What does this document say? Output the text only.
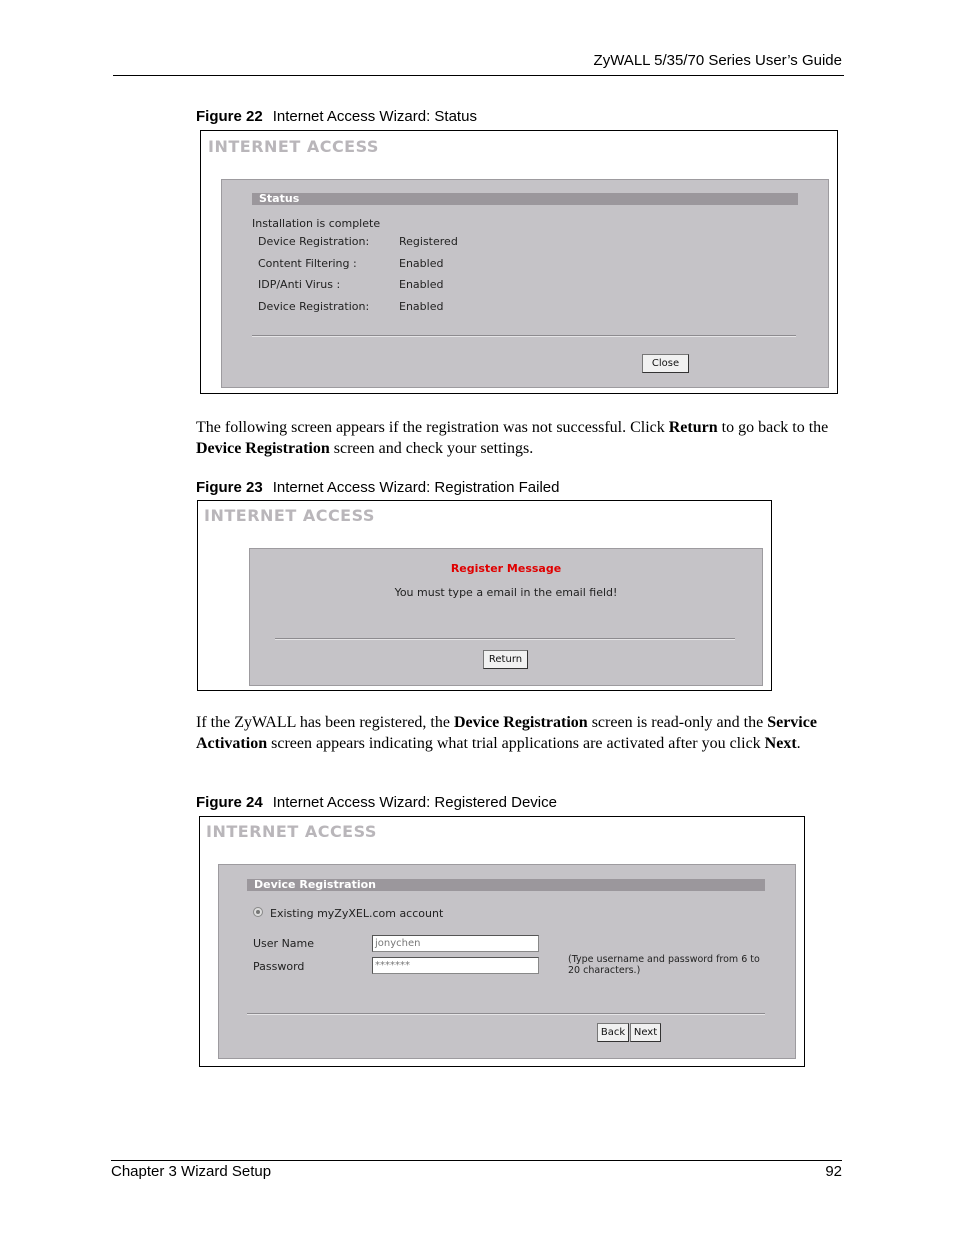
ZyWALL 5/35/70 Series User’s Guide
Figure 22 Internet Access Wizard: Status
INTERNET ACCESS
Status
Installation is complete
Device Registration:	Registered
Content Filtering :	Enabled
IDP/Anti Virus :	Enabled
Device Registration:	Enabled
Close
The following screen appears if the registration was not successful. Click Return to go back to the Device Registration screen and check your settings.
Figure 23 Internet Access Wizard: Registration Failed
INTERNET ACCESS
Register Message
You must type a email in the email field!
Return
If the ZyWALL has been registered, the Device Registration screen is read-only and the Service Activation screen appears indicating what trial applications are activated after you click Next.
Figure 24 Internet Access Wizard: Registered Device
INTERNET ACCESS
Device Registration
Existing myZyXEL.com account
User Name	jonychen
Password	*******
(Type username and password from 6 to
20 characters.)
Back Next
Chapter 3 Wizard Setup	92
